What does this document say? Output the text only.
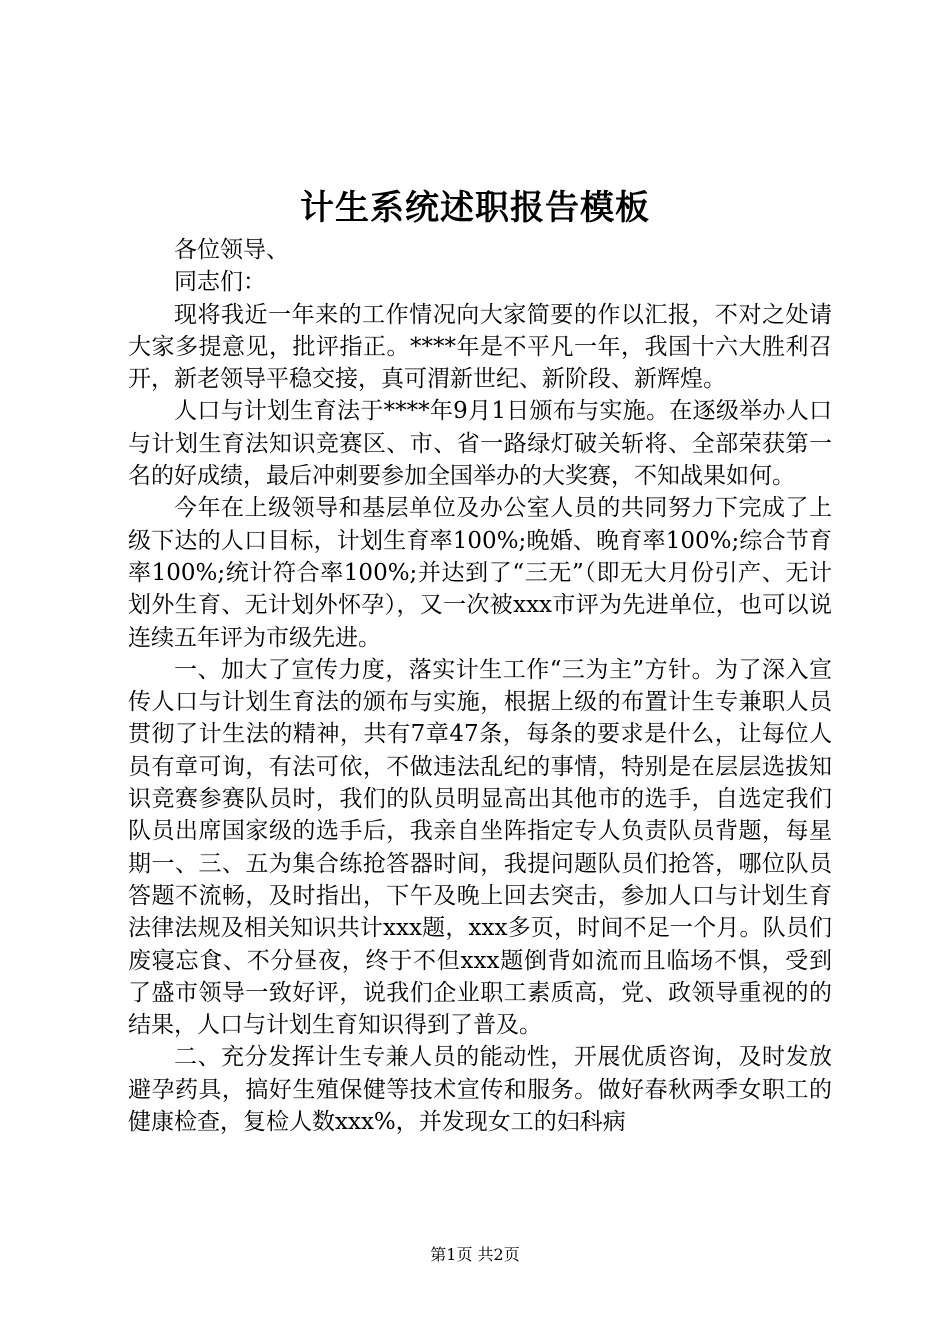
计生系统述职报告模板

各位领导、

同志们：

现将我近一年来的工作情况向大家简要的作以汇报，不对之处请大家多提意见，批评指正。****年是不平凡一年，我国十六大胜利召开，新老领导平稳交接，真可渭新世纪、新阶段、新辉煌。

人口与计划生育法于****年9月1日颁布与实施。在逐级举办人口与计划生育法知识竞赛区、市、省一路绿灯破关斩将、全部荣获第一名的好成绩，最后冲刺要参加全国举办的大奖赛，不知战果如何。

今年在上级领导和基层单位及办公室人员的共同努力下完成了上级下达的人口目标，计划生育率100%;晚婚、晚育率100%;综合节育率100%;统计符合率100%;并达到了“三无”（即无大月份引产、无计划外生育、无计划外怀孕），又一次被xxx市评为先进单位，也可以说连续五年评为市级先进。

一、加大了宣传力度，落实计生工作“三为主”方针。为了深入宣传人口与计划生育法的颁布与实施，根据上级的布置计生专兼职人员贯彻了计生法的精神，共有7章47条，每条的要求是什么，让每位人员有章可询，有法可依，不做违法乱纪的事情，特别是在层层选拔知识竞赛参赛队员时，我们的队员明显高出其他市的选手，自选定我们队员出席国家级的选手后，我亲自坐阵指定专人负责队员背题，每星期一、三、五为集合练抢答器时间，我提问题队员们抢答，哪位队员答题不流畅，及时指出，下午及晚上回去突击，参加人口与计划生育法律法规及相关知识共计xxx题，xxx多页，时间不足一个月。队员们废寝忘食、不分昼夜，终于不但xxx题倒背如流而且临场不惧，受到了盛市领导一致好评，说我们企业职工素质高，党、政领导重视的的结果，人口与计划生育知识得到了普及。

二、充分发挥计生专兼人员的能动性，开展优质咨询，及时发放避孕药具，搞好生殖保健等技术宣传和服务。做好春秋两季女职工的健康检查，复检人数xxx%，并发现女工的妇科病

第1页 共2页
